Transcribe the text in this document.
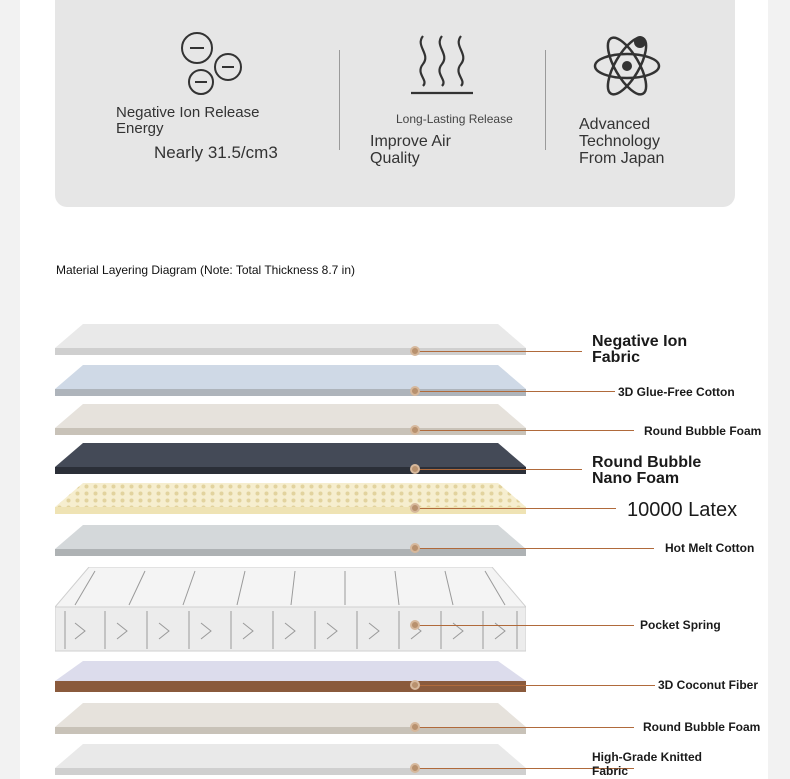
Negative Ion Release Energy
Nearly 31.5/cm3
Long-Lasting Release
Improve Air Quality
Advanced Technology From Japan
Material Layering Diagram (Note: Total Thickness 8.7 in)
Negative Ion Fabric
3D Glue-Free Cotton
Round Bubble Foam
Round Bubble Nano Foam
10000 Latex
Hot Melt Cotton
Pocket Spring
3D Coconut Fiber
Round Bubble Foam
High-Grade Knitted Fabric
